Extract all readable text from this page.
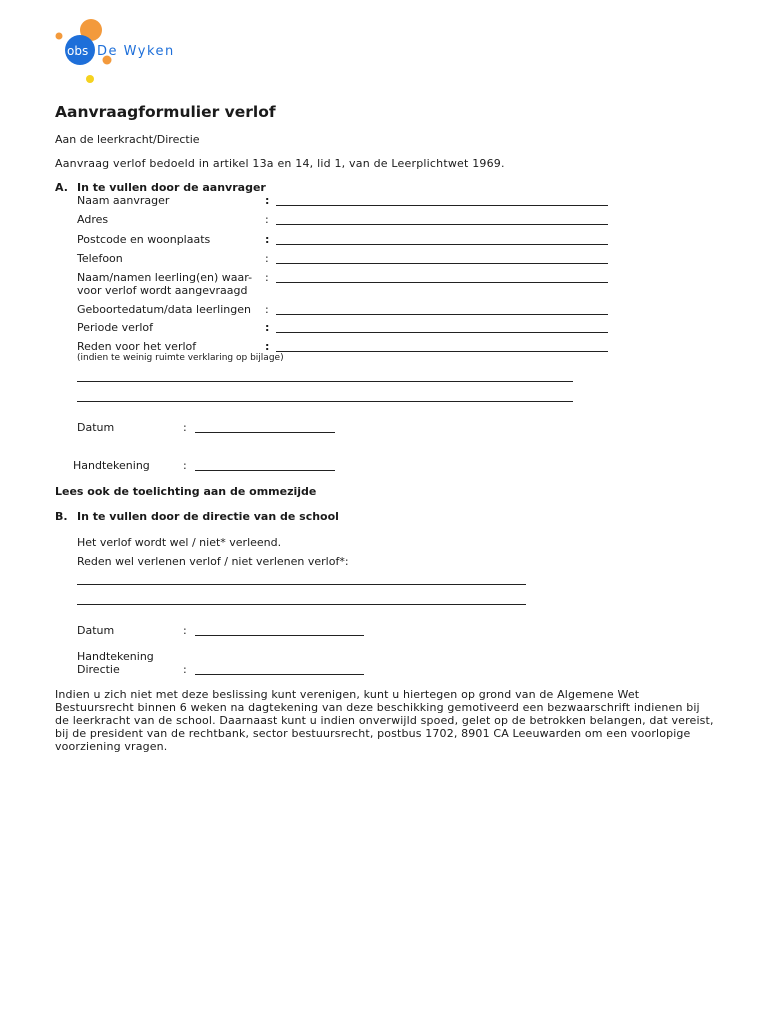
obs De Wyken
Aanvraagformulier verlof
Aan de leerkracht/Directie
Aanvraag verlof bedoeld in artikel 13a en 14, lid 1, van de Leerplichtwet 1969.
A. In te vullen door de aanvrager
Naam aanvrager	:
Adres	:
Postcode en woonplaats	:
Telefoon	:
Naam/namen leerling(en) waar-
voor verlof wordt aangevraagd
:
Geboortedatum/data leerlingen :
Periode verlof	:
Reden voor het verlof	:
(indien te weinig ruimte verklaring op bijlage)
Datum	:
Handtekening	:
Lees ook de toelichting aan de ommezijde
B. In te vullen door de directie van de school
Het verlof wordt wel / niet* verleend.
Reden wel verlenen verlof / niet verlenen verlof*:
Datum	:
Handtekening
Directie	:
Indien u zich niet met deze beslissing kunt verenigen, kunt u hiertegen op grond van de Algemene Wet Bestuursrecht binnen 6 weken na dagtekening van deze beschikking gemotiveerd een bezwaarschrift indienen bij de leerkracht van de school. Daarnaast kunt u indien onverwijld spoed, gelet op de betrokken belangen, dat vereist, bij de president van de rechtbank, sector bestuursrecht, postbus 1702, 8901 CA Leeuwarden om een voorlopige voorziening vragen.
